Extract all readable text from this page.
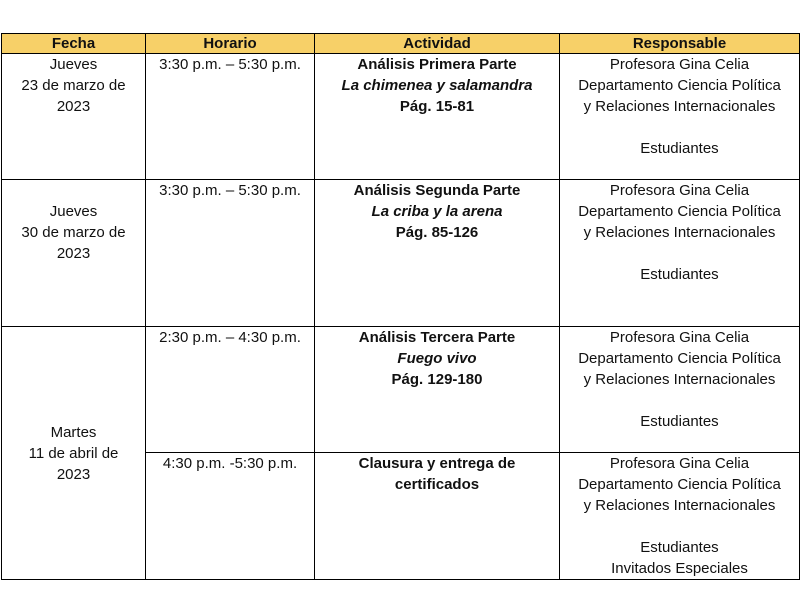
Fecha	Horario	Actividad	Responsable

Jueves
23 de marzo de
2023	3:30 p.m. – 5:30 p.m.	Análisis Primera Parte
La chimenea y salamandra
Pág. 15-81	Profesora Gina Celia
Departamento Ciencia Política
y Relaciones Internacionales
Estudiantes

Jueves
30 de marzo de
2023	3:30 p.m. – 5:30 p.m.	Análisis Segunda Parte
La criba y la arena
Pág. 85-126	Profesora Gina Celia
Departamento Ciencia Política
y Relaciones Internacionales
Estudiantes

Martes
11 de abril de
2023	2:30 p.m. – 4:30 p.m.	Análisis Tercera Parte
Fuego vivo
Pág. 129-180	Profesora Gina Celia
Departamento Ciencia Política
y Relaciones Internacionales
Estudiantes

	4:30 p.m. -5:30 p.m.	Clausura y entrega de certificados	Profesora Gina Celia
Departamento Ciencia Política
y Relaciones Internacionales
Estudiantes
Invitados Especiales
